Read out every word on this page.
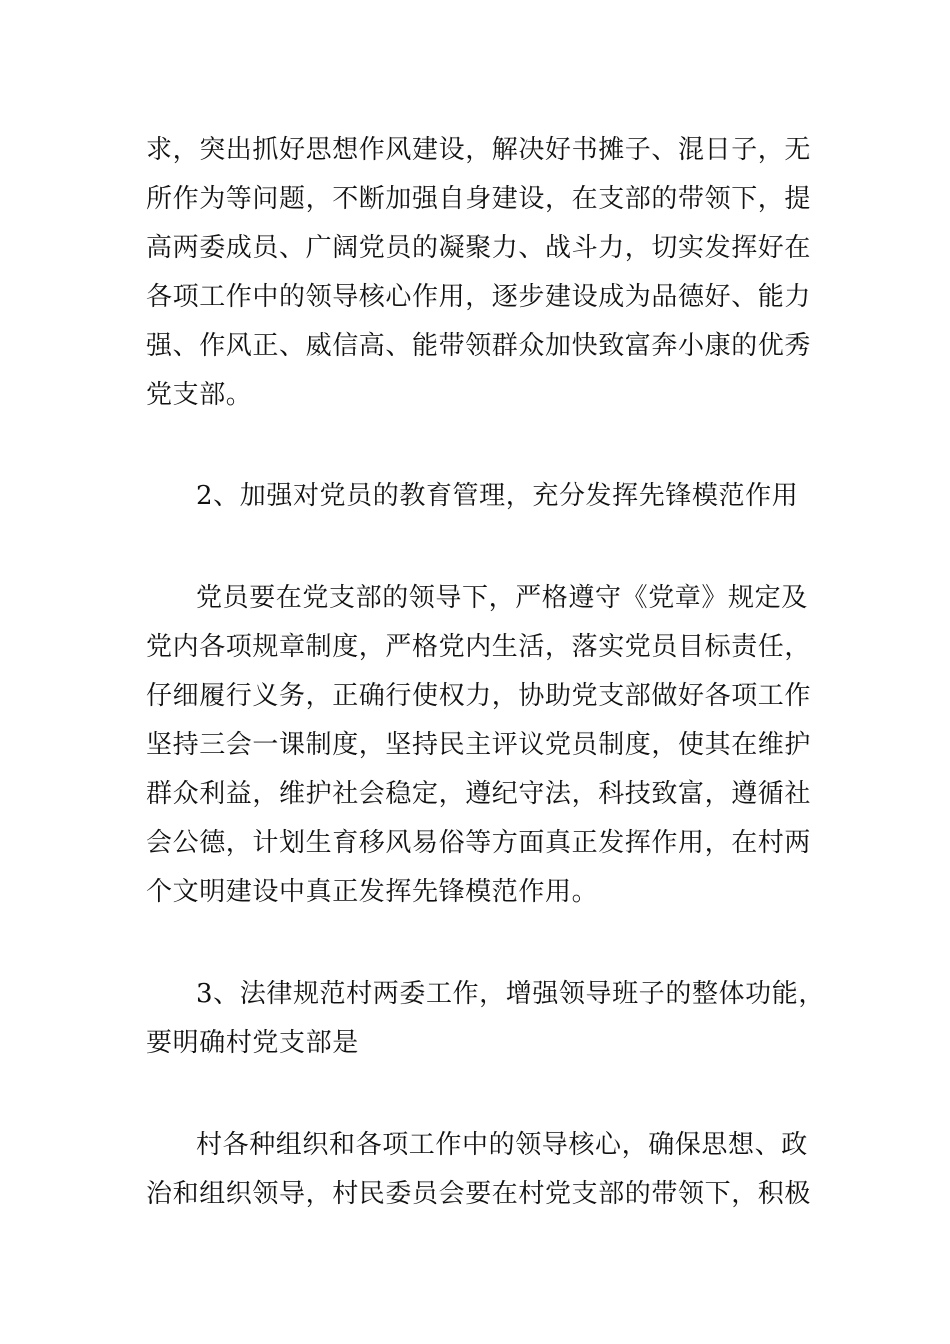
求，突出抓好思想作风建设，解决好书摊子、混日子，无
所作为等问题，不断加强自身建设，在支部的带领下，提
高两委成员、广阔党员的凝聚力、战斗力，切实发挥好在
各项工作中的领导核心作用，逐步建设成为品德好、能力
强、作风正、威信高、能带领群众加快致富奔小康的优秀
党支部。
2、加强对党员的教育管理，充分发挥先锋模范作用
党员要在党支部的领导下，严格遵守《党章》规定及
党内各项规章制度，严格党内生活，落实党员目标责任，
仔细履行义务，正确行使权力，协助党支部做好各项工作
坚持三会一课制度，坚持民主评议党员制度，使其在维护
群众利益，维护社会稳定，遵纪守法，科技致富，遵循社
会公德，计划生育移风易俗等方面真正发挥作用，在村两
个文明建设中真正发挥先锋模范作用。
3、法律规范村两委工作，增强领导班子的整体功能，
要明确村党支部是
村各种组织和各项工作中的领导核心，确保思想、政
治和组织领导，村民委员会要在村党支部的带领下，积极
